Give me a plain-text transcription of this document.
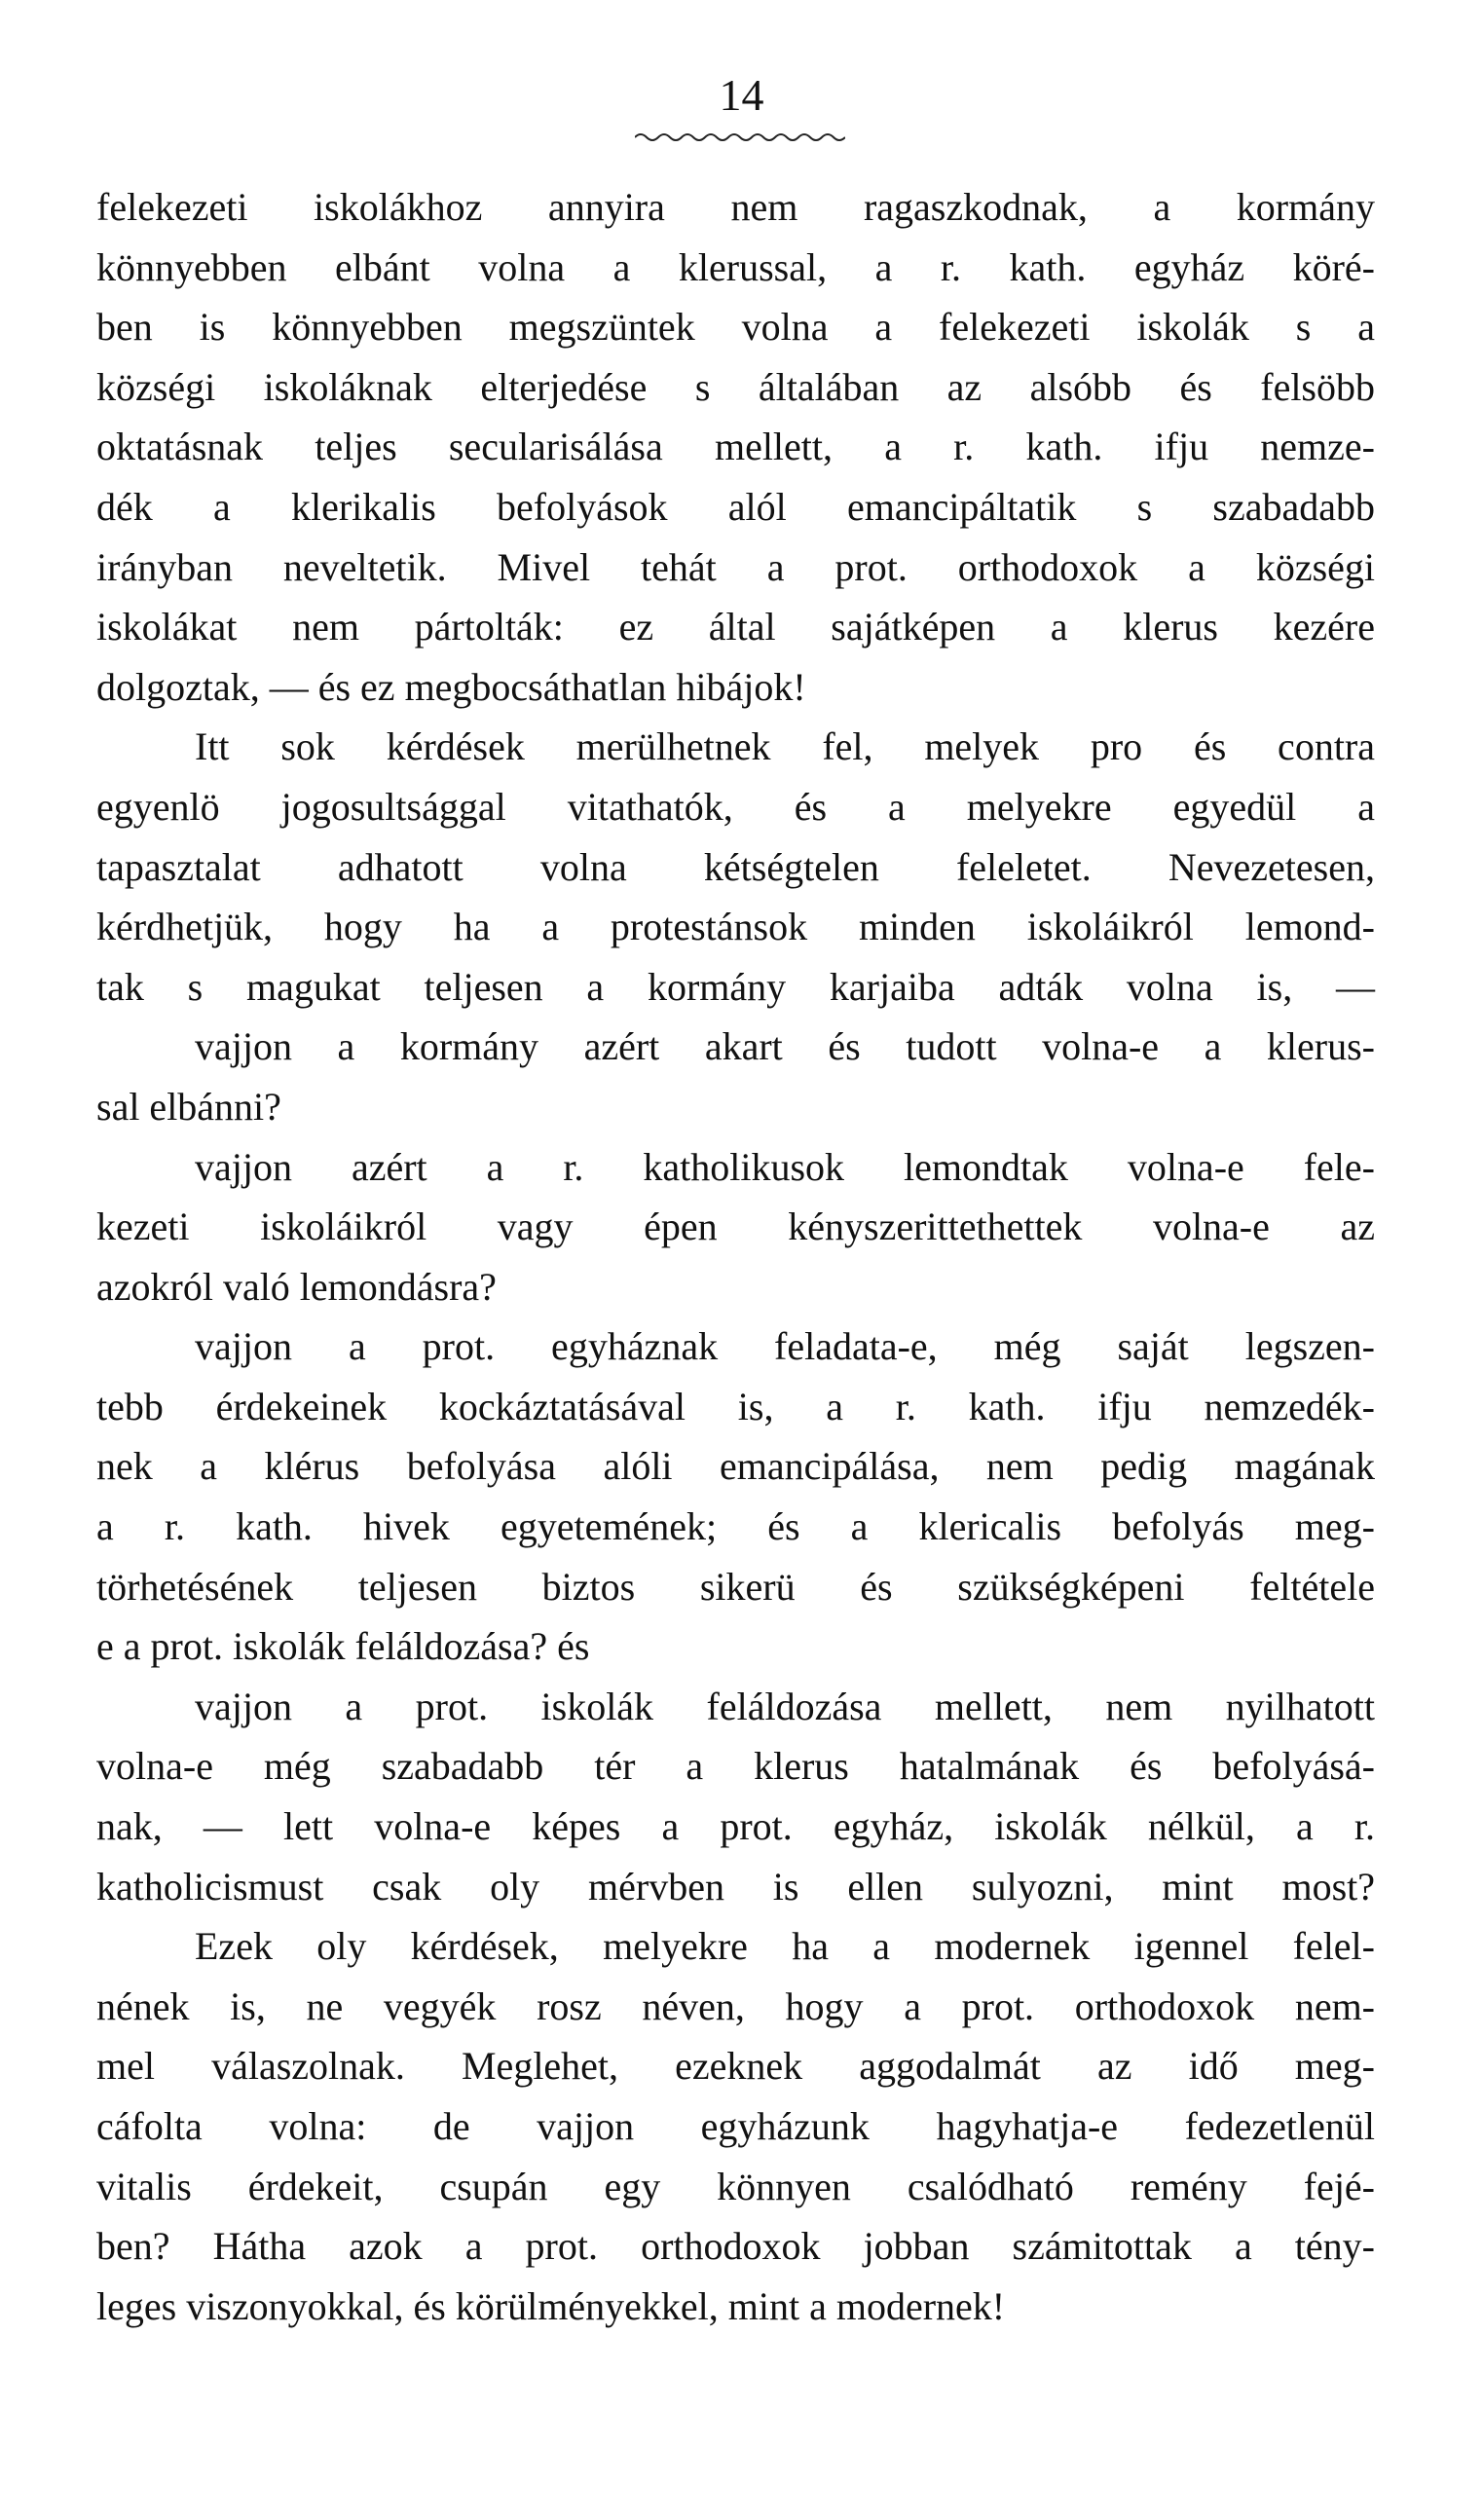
14
felekezeti iskolákhoz annyira nem ragaszkodnak, a kormány
könnyebben elbánt volna a klerussal, a r. kath. egyház köré-
ben is könnyebben megszüntek volna a felekezeti iskolák s a
községi iskoláknak elterjedése s általában az alsóbb és felsöbb
oktatásnak teljes secularisálása mellett, a r. kath. ifju nemze-
dék a klerikalis befolyások alól emancipáltatik s szabadabb
irányban neveltetik. Mivel tehát a prot. orthodoxok a községi
iskolákat nem pártolták: ez által sajátképen a klerus kezére
dolgoztak, — és ez megbocsáthatlan hibájok!
Itt sok kérdések merülhetnek fel, melyek pro és contra
egyenlö jogosultsággal vitathatók, és a melyekre egyedül a
tapasztalat adhatott volna kétségtelen feleletet. Nevezetesen,
kérdhetjük, hogy ha a protestánsok minden iskoláikról lemond-
tak s magukat teljesen a kormány karjaiba adták volna is, —
vajjon a kormány azért akart és tudott volna-e a klerus-
sal elbánni?
vajjon azért a r. katholikusok lemondtak volna-e fele-
kezeti iskoláikról vagy épen kényszerittethettek volna-e az
azokról való lemondásra?
vajjon a prot. egyháznak feladata-e, még saját legszen-
tebb érdekeinek kockáztatásával is, a r. kath. ifju nemzedék-
nek a klérus befolyása alóli emancipálása, nem pedig magának
a r. kath. hivek egyetemének; és a klericalis befolyás meg-
törhetésének teljesen biztos sikerü és szükségképeni feltétele
e a prot. iskolák feláldozása? és
vajjon a prot. iskolák feláldozása mellett, nem nyilhatott
volna-e még szabadabb tér a klerus hatalmának és befolyásá-
nak, — lett volna-e képes a prot. egyház, iskolák nélkül, a r.
katholicismust csak oly mérvben is ellen sulyozni, mint most?
Ezek oly kérdések, melyekre ha a modernek igennel felel-
nének is, ne vegyék rosz néven, hogy a prot. orthodoxok nem-
mel válaszolnak. Meglehet, ezeknek aggodalmát az idő meg-
cáfolta volna: de vajjon egyházunk hagyhatja-e fedezetlenül
vitalis érdekeit, csupán egy könnyen csalódható remény fejé-
ben? Hátha azok a prot. orthodoxok jobban számitottak a tény-
leges viszonyokkal, és körülményekkel, mint a modernek!
